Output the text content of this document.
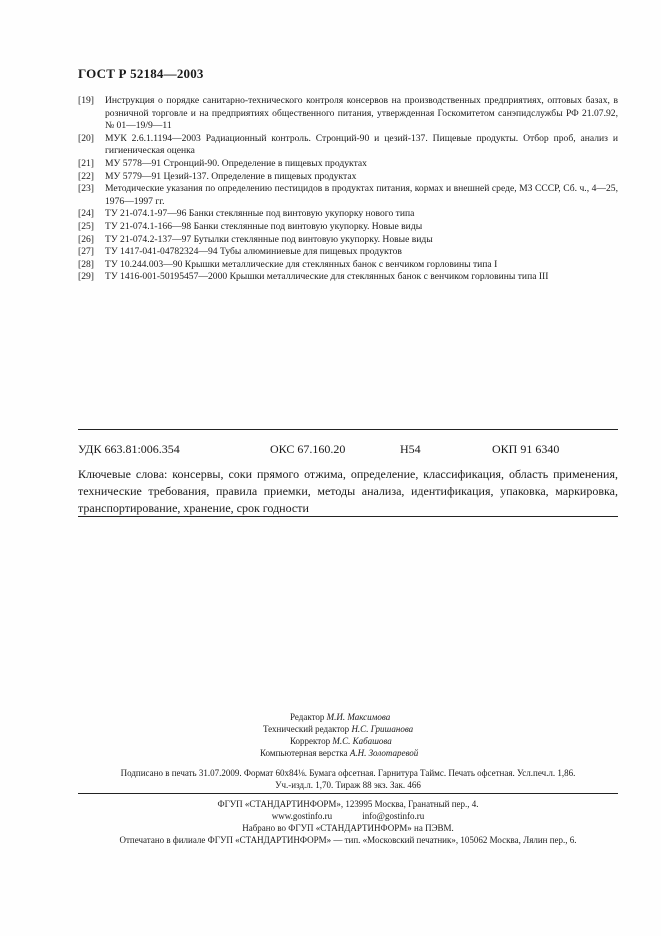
ГОСТ Р 52184—2003
[19]	Инструкция о порядке санитарно-технического контроля консервов на производственных предприятиях, оптовых базах, в розничной торговле и на предприятиях общественного питания, утвержденная Госкомитетом санэпидслужбы РФ 21.07.92, № 01—19/9—11
[20]	МУК 2.6.1.1194—2003 Радиационный контроль. Стронций-90 и цезий-137. Пищевые продукты. Отбор проб, анализ и гигиеническая оценка
[21]	МУ 5778—91 Стронций-90. Определение в пищевых продуктах
[22]	МУ 5779—91 Цезий-137. Определение в пищевых продуктах
[23]	Методические указания по определению пестицидов в продуктах питания, кормах и внешней среде, МЗ СССР, Сб. ч., 4—25, 1976—1997 гг.
[24]	ТУ 21-074.1-97—96 Банки стеклянные под винтовую укупорку нового типа
[25]	ТУ 21-074.1-166—98 Банки стеклянные под винтовую укупорку. Новые виды
[26]	ТУ 21-074.2-137—97 Бутылки стеклянные под винтовую укупорку. Новые виды
[27]	ТУ 1417-041-04782324—94 Тубы алюминиевые для пищевых продуктов
[28]	ТУ 10.244.003—90 Крышки металлические для стеклянных банок с венчиком горловины типа I
[29]	ТУ 1416-001-50195457—2000 Крышки металлические для стеклянных банок с венчиком горловины типа III
УДК 663.81:006.354	ОКС 67.160.20	Н54	ОКП 91 6340
Ключевые слова: консервы, соки прямого отжима, определение, классификация, область применения, технические требования, правила приемки, методы анализа, идентификация, упаковка, маркировка, транспортирование, хранение, срок годности
Редактор М.И. Максимова
Технический редактор Н.С. Гришанова
Корректор М.С. Кабашова
Компьютерная верстка А.Н. Золотаревой
Подписано в печать 31.07.2009. Формат 60х84⅛. Бумага офсетная. Гарнитура Таймс. Печать офсетная. Усл.печ.л. 1,86.
Уч.-изд.л. 1,70. Тираж 88 экз. Зак. 466
ФГУП «СТАНДАРТИНФОРМ», 123995 Москва, Гранатный пер., 4.
www.gostinfo.ru	info@gostinfo.ru
Набрано во ФГУП «СТАНДАРТИНФОРМ» на ПЭВМ.
Отпечатано в филиале ФГУП «СТАНДАРТИНФОРМ» — тип. «Московский печатник», 105062 Москва, Лялин пер., 6.
